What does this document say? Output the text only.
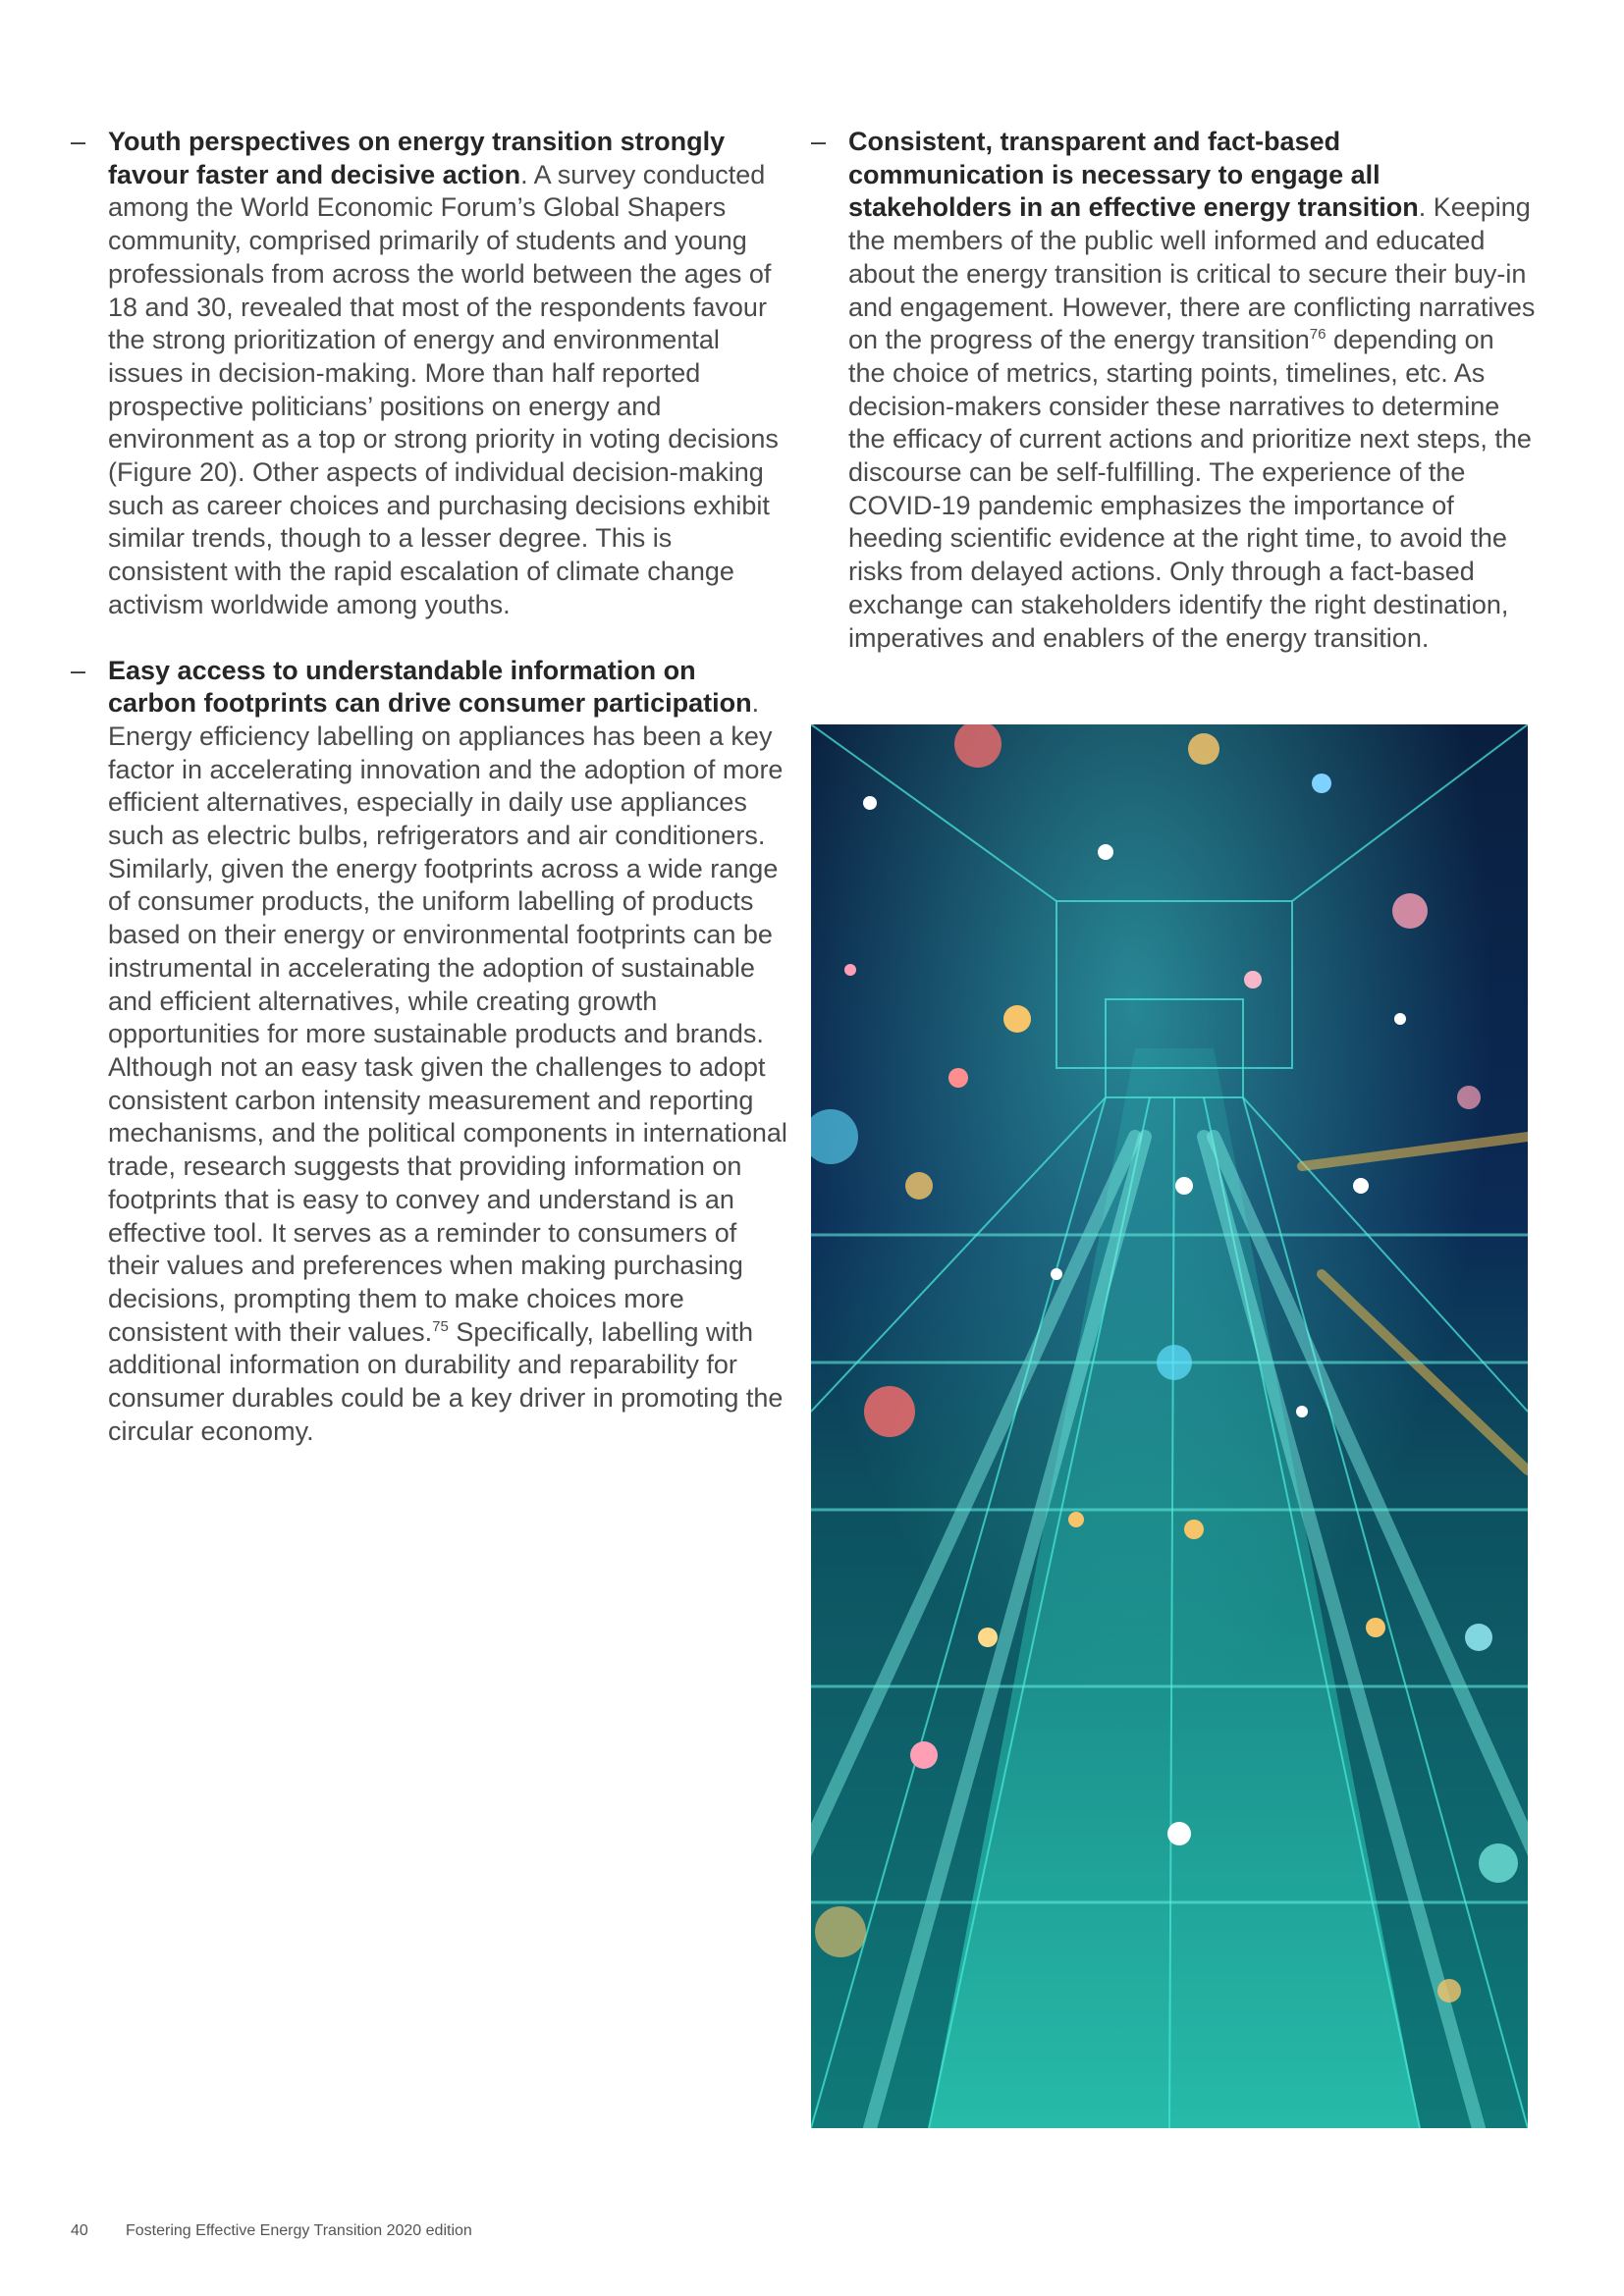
– Youth perspectives on energy transition strongly favour faster and decisive action. A survey conducted among the World Economic Forum’s Global Shapers community, comprised primarily of students and young professionals from across the world between the ages of 18 and 30, revealed that most of the respondents favour the strong prioritization of energy and environmental issues in decision-making. More than half reported prospective politicians’ positions on energy and environment as a top or strong priority in voting decisions (Figure 20). Other aspects of individual decision-making such as career choices and purchasing decisions exhibit similar trends, though to a lesser degree. This is consistent with the rapid escalation of climate change activism worldwide among youths.
– Easy access to understandable information on carbon footprints can drive consumer participation. Energy efficiency labelling on appliances has been a key factor in accelerating innovation and the adoption of more efficient alternatives, especially in daily use appliances such as electric bulbs, refrigerators and air conditioners. Similarly, given the energy footprints across a wide range of consumer products, the uniform labelling of products based on their energy or environmental footprints can be instrumental in accelerating the adoption of sustainable and efficient alternatives, while creating growth opportunities for more sustainable products and brands. Although not an easy task given the challenges to adopt consistent carbon intensity measurement and reporting mechanisms, and the political components in international trade, research suggests that providing information on footprints that is easy to convey and understand is an effective tool. It serves as a reminder to consumers of their values and preferences when making purchasing decisions, prompting them to make choices more consistent with their values.$^{75}$ Specifically, labelling with additional information on durability and reparability for consumer durables could be a key driver in promoting the circular economy.
– Consistent, transparent and fact-based communication is necessary to engage all stakeholders in an effective energy transition. Keeping the members of the public well informed and educated about the energy transition is critical to secure their buy-in and engagement. However, there are conflicting narratives on the progress of the energy transition$^{76}$ depending on the choice of metrics, starting points, timelines, etc. As decision-makers consider these narratives to determine the efficacy of current actions and prioritize next steps, the discourse can be self-fulfilling. The experience of the COVID-19 pandemic emphasizes the importance of heeding scientific evidence at the right time, to avoid the risks from delayed actions. Only through a fact-based exchange can stakeholders identify the right destination, imperatives and enablers of the energy transition.
40 Fostering Effective Energy Transition 2020 edition
